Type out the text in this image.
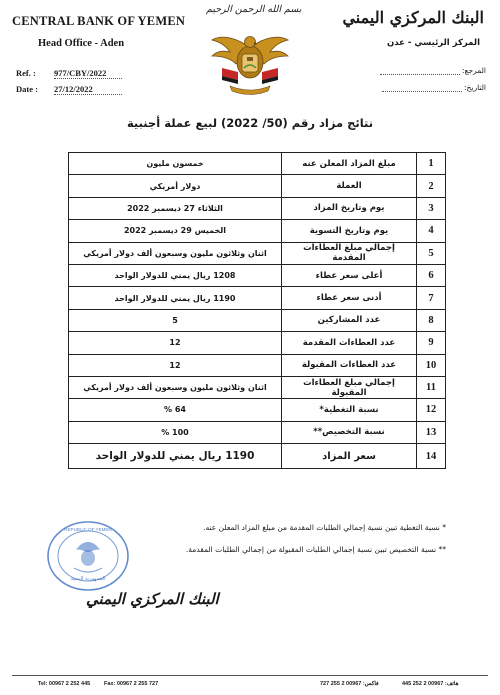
CENTRAL BANK OF YEMEN
Head Office - Aden
Ref. : 977/CBY/2022
Date : 27/12/2022
بسم الله الرحمن الرحيم	البنك المركزي اليمني
المركز الرئيسي - عدن
المرجع:
التاريخ:
نتائج مزاد رقم (50/ 2022) لبيع عملة أجنبية
1	مبلغ المزاد المعلن عنه	خمسون مليون
2	العملة	دولار أمريكي
3	يوم وتاريخ المزاد	الثلاثاء 27 ديسمبر 2022
4	يوم وتاريخ التسوية	الخميس 29 ديسمبر 2022
5	إجمالي مبلغ العطاءات المقدمة	اثنان وثلاثون مليون وسبعون ألف دولار أمريكي
6	أعلى سعر عطاء	1208 ريال يمني للدولار الواحد
7	أدنى سعر عطاء	1190 ريال يمني للدولار الواحد
8	عدد المشاركين	5
9	عدد العطاءات المقدمة	12
10	عدد العطاءات المقبولة	12
11	إجمالي مبلغ العطاءات المقبولة	اثنان وثلاثون مليون وسبعون ألف دولار أمريكي
12	نسبة التغطية*	64 %
13	نسبة التخصيص**	100 %
14	سعر المزاد	1190 ريال يمني للدولار الواحد
* نسبة التغطية تبين نسبة إجمالي الطلبات المقدمة من مبلغ المزاد المعلن عنه.
** نسبة التخصيص تبين نسبة إجمالي الطلبات المقبولة من إجمالي الطلبات المقدمة.
REPUBLIC OF YEMEN
الجمهورية اليمنية
البنك المركزي اليمني
Tel: 00967 2 252 445	Fax: 00967 2 255 727	فاكس: 00967 2 255 727	هاتف: 00967 2 252 445
